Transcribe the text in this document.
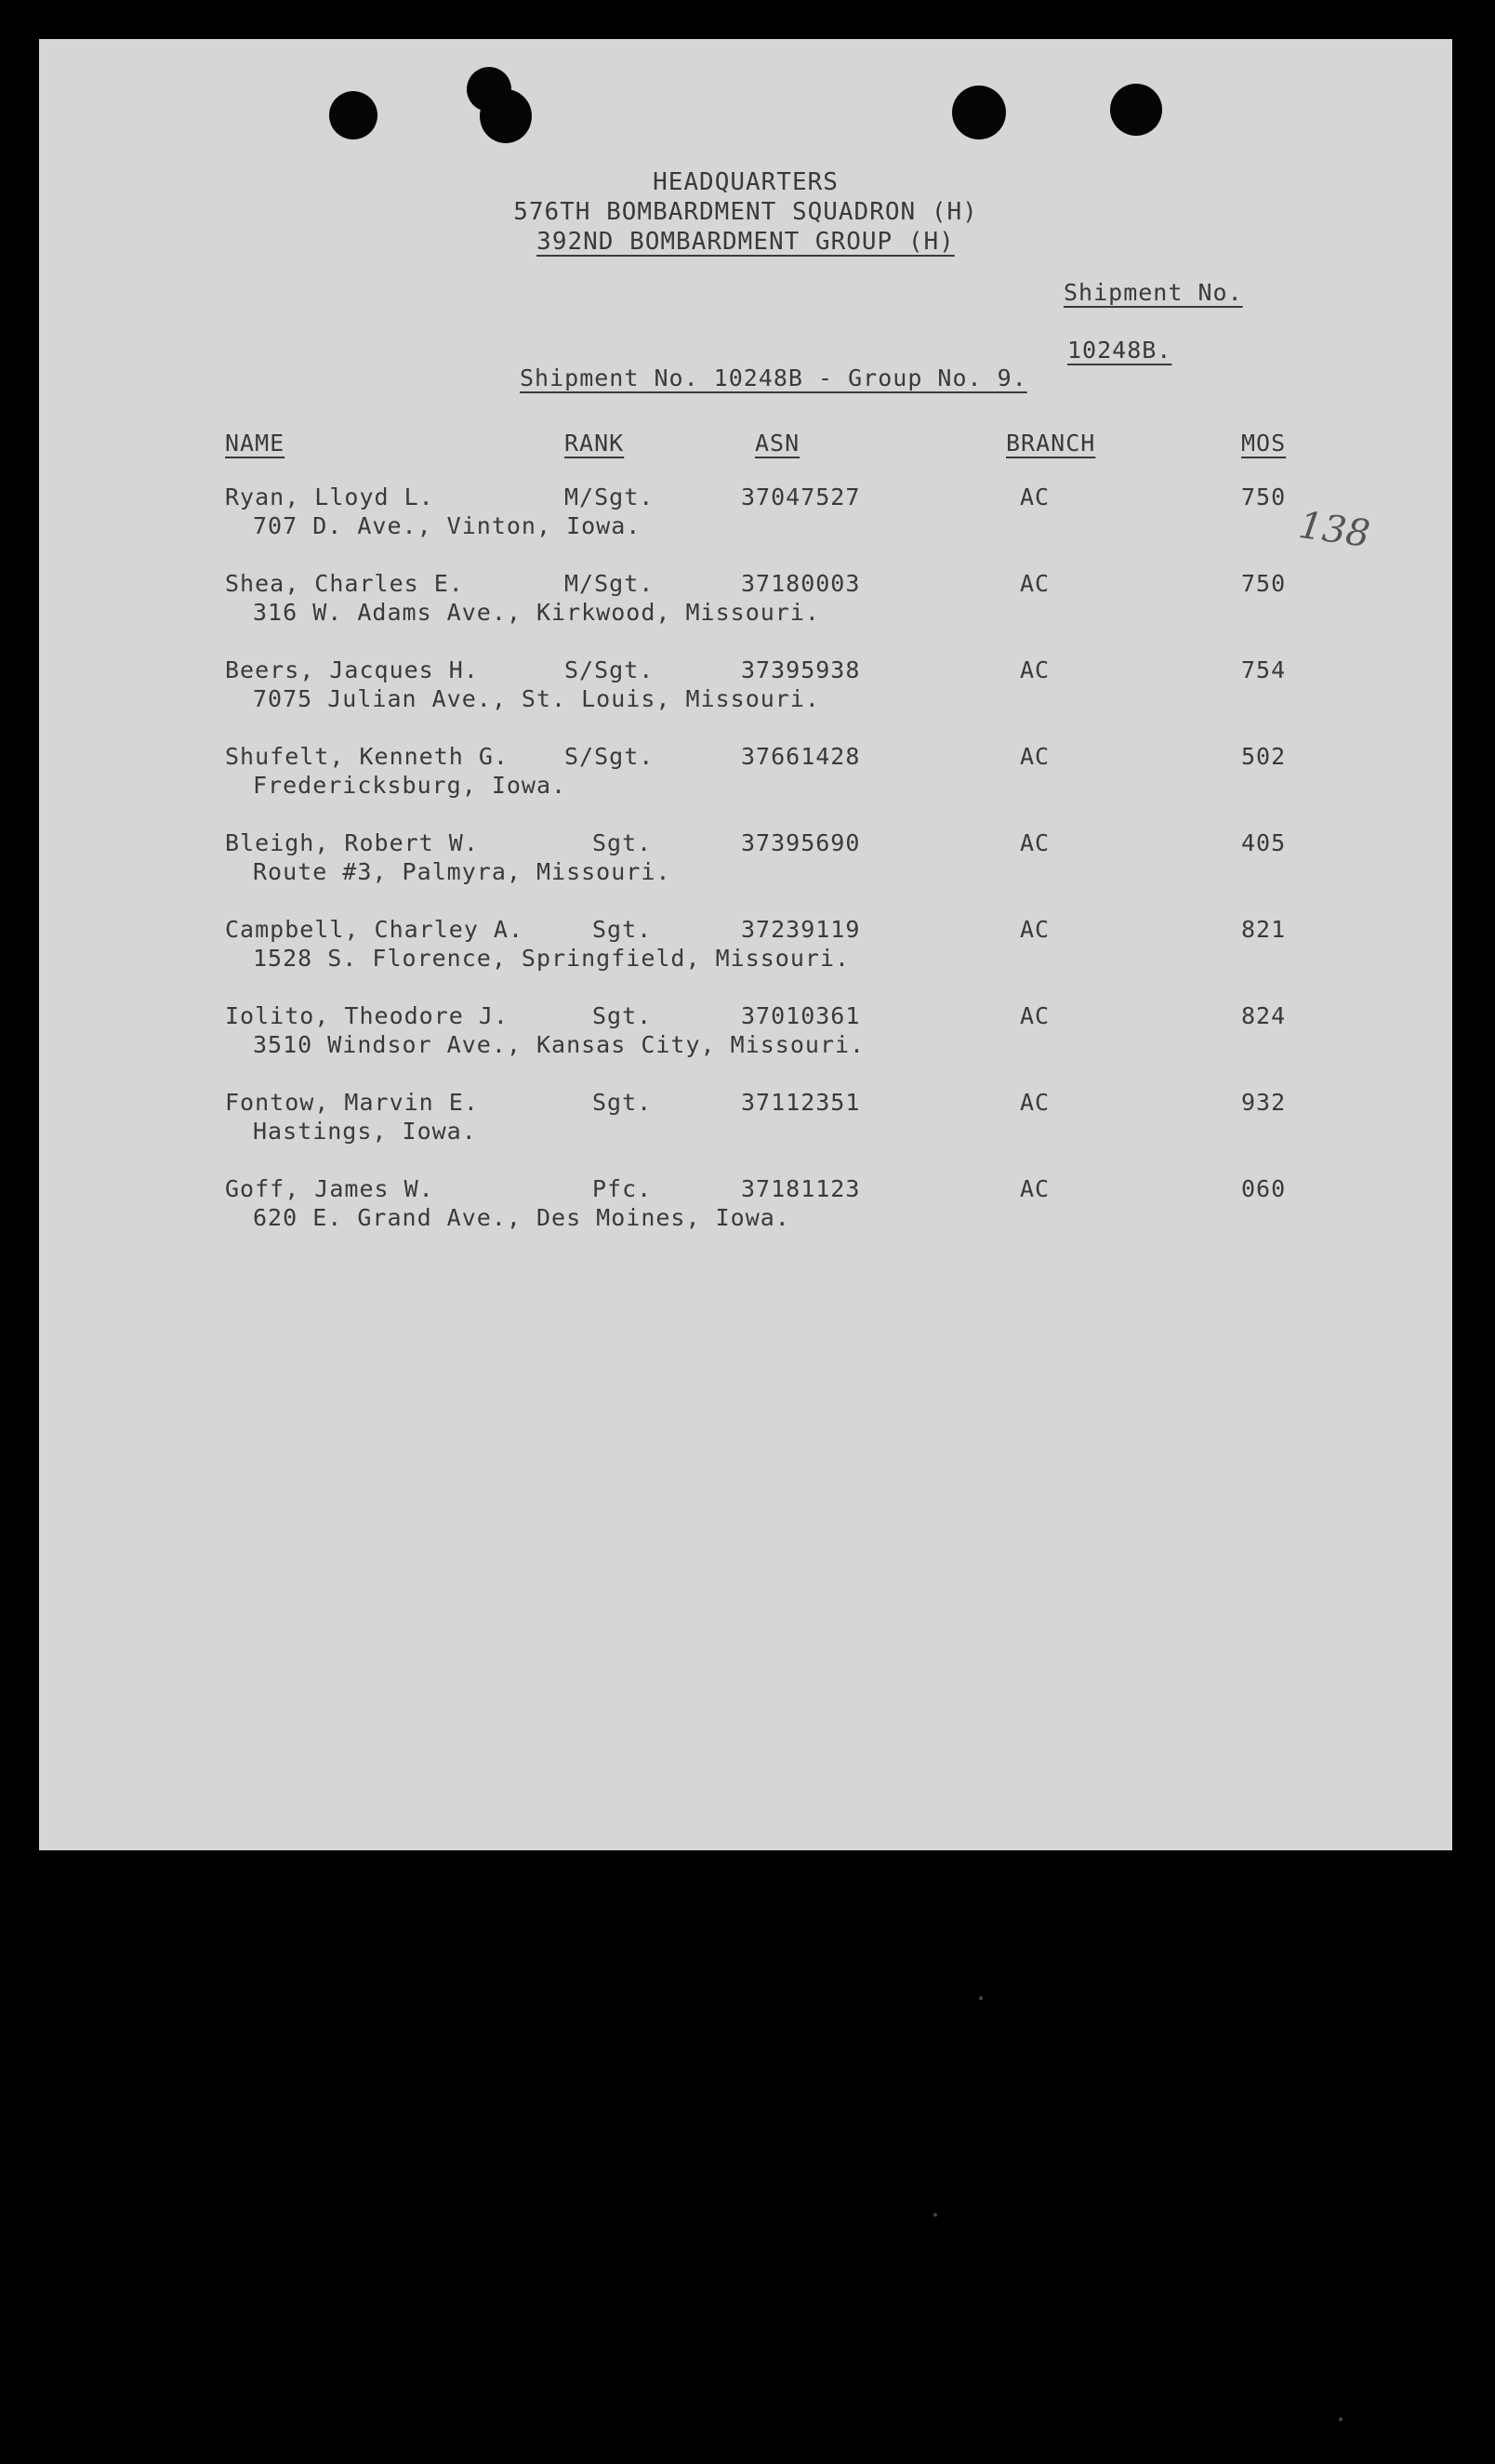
HEADQUARTERS
576TH BOMBARDMENT SQUADRON (H)
392ND BOMBARDMENT GROUP (H)
Shipment No.
10248B.
Shipment No. 10248B - Group No. 9.
NAME	RANK	ASN	BRANCH	MOS
138
Ryan, Lloyd L.	M/Sgt.	37047527	AC	750
707 D. Ave., Vinton, Iowa.
Shea, Charles E.	M/Sgt.	37180003	AC	750
316 W. Adams Ave., Kirkwood, Missouri.
Beers, Jacques H.	S/Sgt.	37395938	AC	754
7075 Julian Ave., St. Louis, Missouri.
Shufelt, Kenneth G. S/Sgt.	37661428	AC	502
Fredericksburg, Iowa.
Bleigh, Robert W.	Sgt.	37395690	AC	405
Route #3, Palmyra, Missouri.
Campbell, Charley A.	Sgt.	37239119	AC	821
1528 S. Florence, Springfield, Missouri.
Iolito, Theodore J.	Sgt.	37010361	AC	824
3510 Windsor Ave., Kansas City, Missouri.
Fontow, Marvin E.	Sgt.	37112351	AC	932
Hastings, Iowa.
Goff, James W.	Pfc.	37181123	AC	060
620 E. Grand Ave., Des Moines, Iowa.
